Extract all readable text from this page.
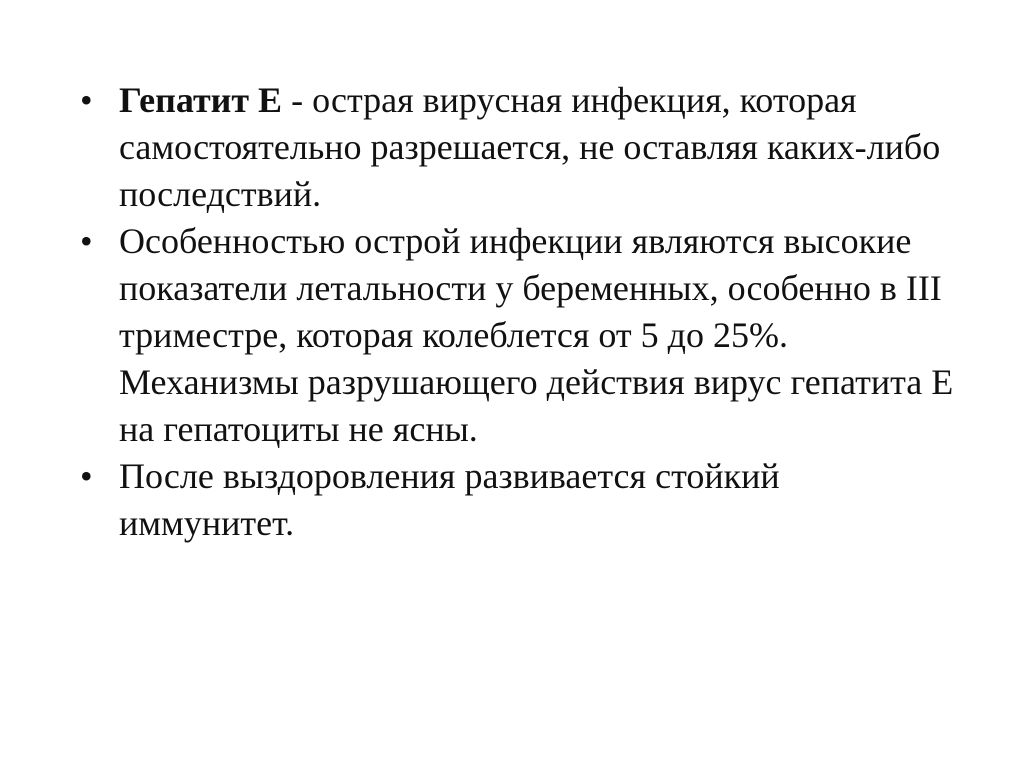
• Гепатит Е - острая вирусная инфекция, которая самостоятельно разрешается, не оставляя каких-либо последствий.
• Особенностью острой инфекции являются высокие показатели летальности у беременных, особенно в III триместре, которая колеблется от 5 до 25%. Механизмы разрушающего действия вирус гепатита Е на гепатоциты не ясны.
• После выздоровления развивается стойкий иммунитет.
